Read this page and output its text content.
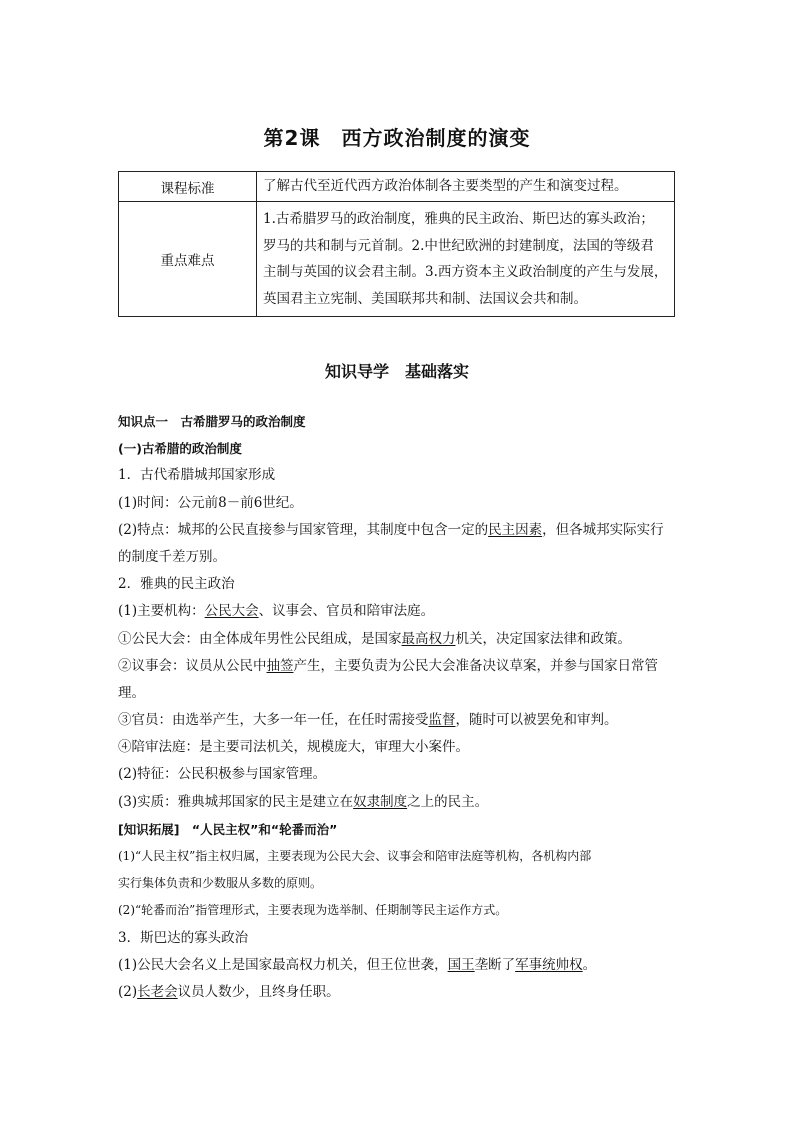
第2课　西方政治制度的演变
课程标准	了解古代至近代西方政治体制各主要类型的产生和演变过程。
重点难点	1.古希腊罗马的政治制度，雅典的民主政治、斯巴达的寡头政治；
罗马的共和制与元首制。2.中世纪欧洲的封建制度，法国的等级君
主制与英国的议会君主制。3.西方资本主义政治制度的产生与发展，
英国君主立宪制、美国联邦共和制、法国议会共和制。
知识导学　基础落实
知识点一　古希腊罗马的政治制度
(一)古希腊的政治制度
1．古代希腊城邦国家形成
(1)时间：公元前8－前6世纪。
(2)特点：城邦的公民直接参与国家管理，其制度中包含一定的民主因素，但各城邦实际实行
的制度千差万别。
2．雅典的民主政治
(1)主要机构：公民大会、议事会、官员和陪审法庭。
①公民大会：由全体成年男性公民组成，是国家最高权力机关，决定国家法律和政策。
②议事会：议员从公民中抽签产生，主要负责为公民大会准备决议草案，并参与国家日常管
理。
③官员：由选举产生，大多一年一任，在任时需接受监督，随时可以被罢免和审判。
④陪审法庭：是主要司法机关，规模庞大，审理大小案件。
(2)特征：公民积极参与国家管理。
(3)实质：雅典城邦国家的民主是建立在奴隶制度之上的民主。
[知识拓展]　“人民主权”和“轮番而治”
(1)“人民主权”指主权归属，主要表现为公民大会、议事会和陪审法庭等机构，各机构内部
实行集体负责和少数服从多数的原则。
(2)“轮番而治”指管理形式，主要表现为选举制、任期制等民主运作方式。
3．斯巴达的寡头政治
(1)公民大会名义上是国家最高权力机关，但王位世袭，国王垄断了军事统帅权。
(2)长老会议员人数少，且终身任职。
